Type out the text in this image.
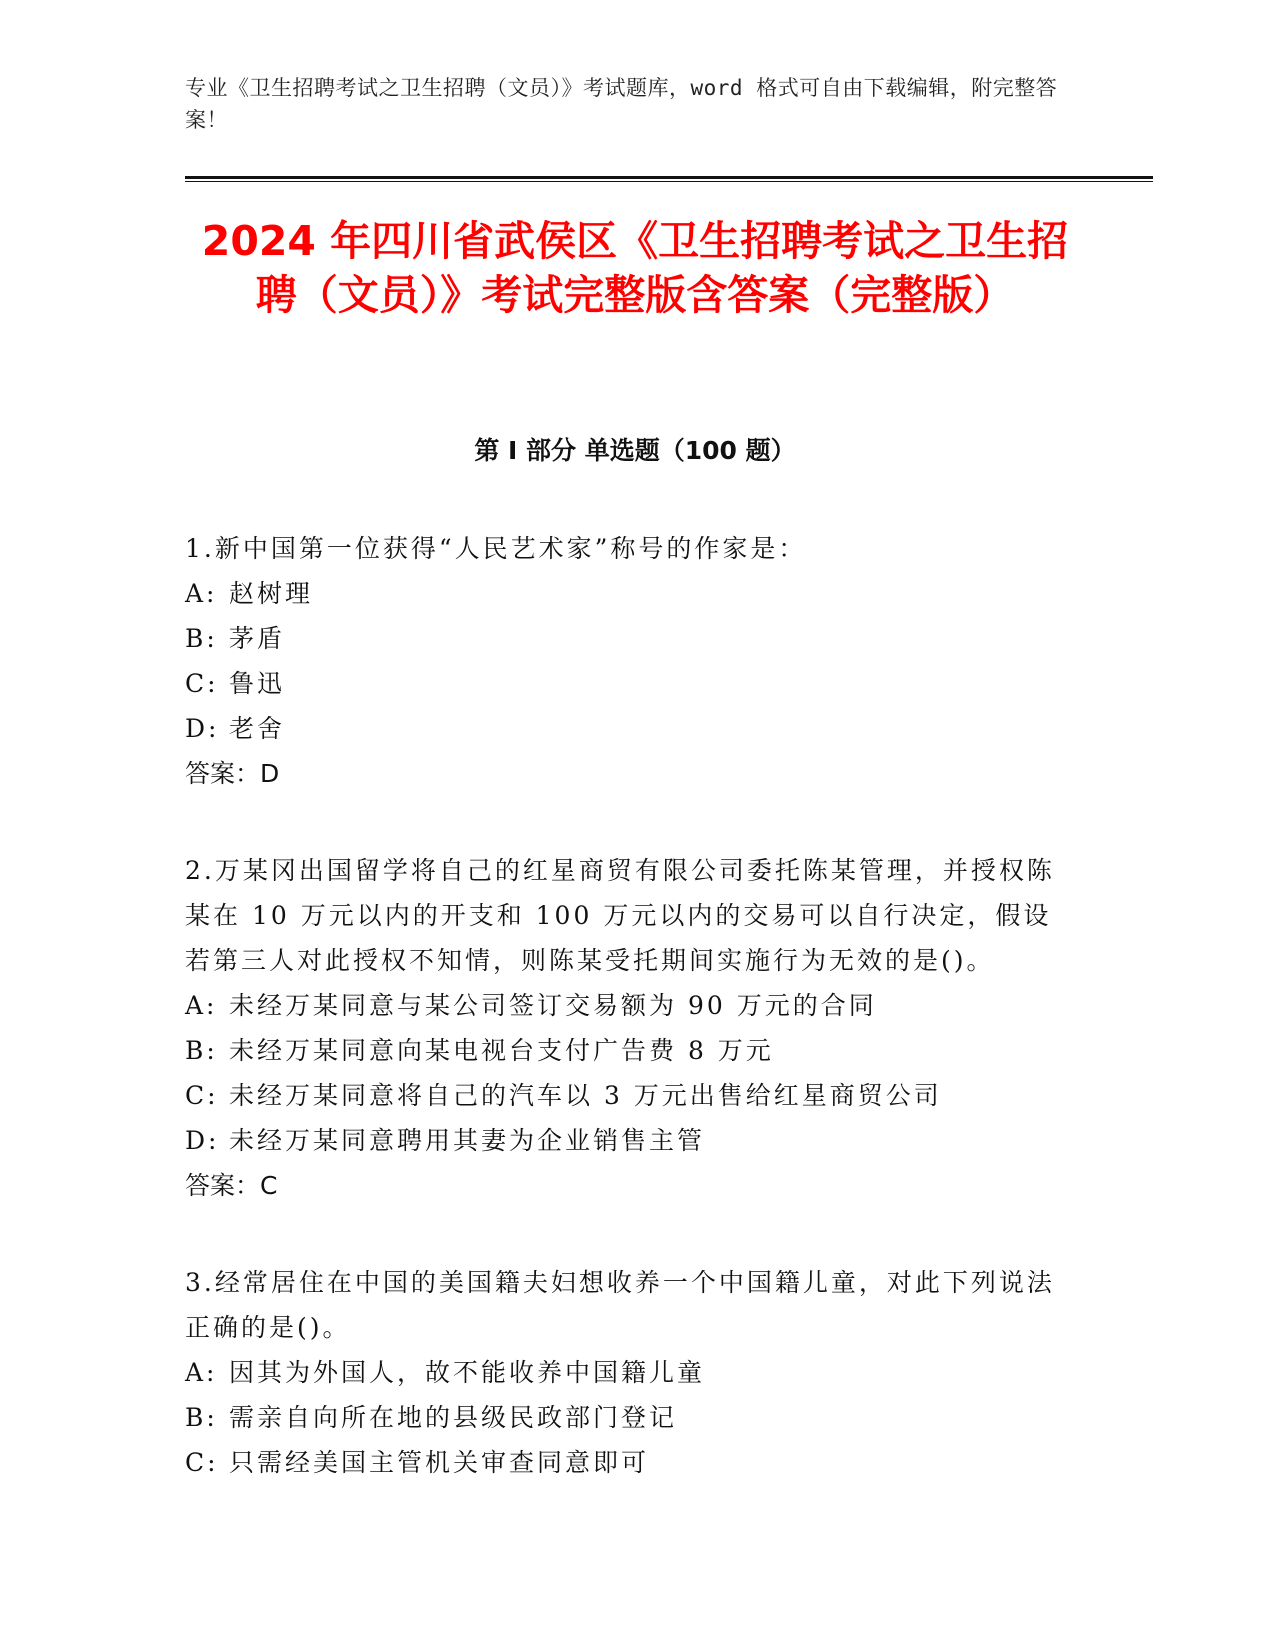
专业《卫生招聘考试之卫生招聘（文员）》考试题库，word 格式可自由下载编辑，附完整答案！
2024 年四川省武侯区《卫生招聘考试之卫生招聘（文员）》考试完整版含答案（完整版）
第 I 部分 单选题（100 题）

1.新中国第一位获得“人民艺术家”称号的作家是：

A: 赵树理

B: 茅盾

C: 鲁迅

D: 老舍

答案：D

2.万某冈出国留学将自己的红星商贸有限公司委托陈某管理，并授权陈某在 10 万元以内的开支和 100 万元以内的交易可以自行决定，假设若第三人对此授权不知情，则陈某受托期间实施行为无效的是()。

A: 未经万某同意与某公司签订交易额为 90 万元的合同

B: 未经万某同意向某电视台支付广告费 8 万元

C: 未经万某同意将自己的汽车以 3 万元出售给红星商贸公司

D: 未经万某同意聘用其妻为企业销售主管

答案：C

3.经常居住在中国的美国籍夫妇想收养一个中国籍儿童，对此下列说法正确的是()。

A: 因其为外国人，故不能收养中国籍儿童

B: 需亲自向所在地的县级民政部门登记

C: 只需经美国主管机关审查同意即可
